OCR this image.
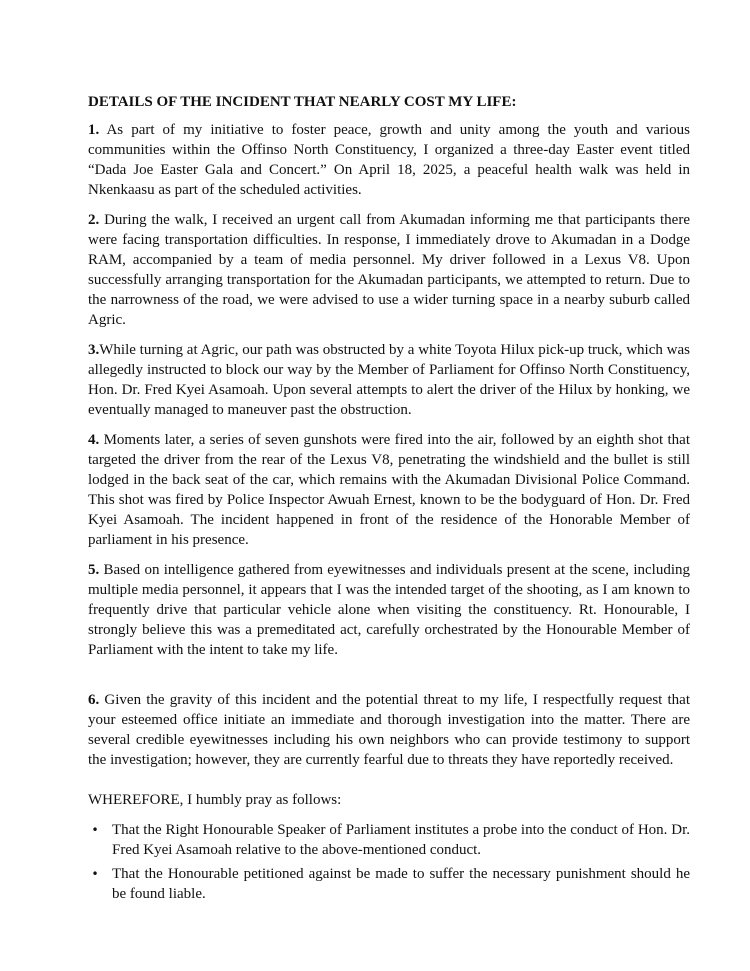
DETAILS OF THE INCIDENT THAT NEARLY COST MY LIFE:

1. As part of my initiative to foster peace, growth and unity among the youth and various communities within the Offinso North Constituency, I organized a three-day Easter event titled “Dada Joe Easter Gala and Concert.” On April 18, 2025, a peaceful health walk was held in Nkenkaasu as part of the scheduled activities.

2. During the walk, I received an urgent call from Akumadan informing me that participants there were facing transportation difficulties. In response, I immediately drove to Akumadan in a Dodge RAM, accompanied by a team of media personnel. My driver followed in a Lexus V8. Upon successfully arranging transportation for the Akumadan participants, we attempted to return. Due to the narrowness of the road, we were advised to use a wider turning space in a nearby suburb called Agric.

3.While turning at Agric, our path was obstructed by a white Toyota Hilux pick-up truck, which was allegedly instructed to block our way by the Member of Parliament for Offinso North Constituency, Hon. Dr. Fred Kyei Asamoah. Upon several attempts to alert the driver of the Hilux by honking, we eventually managed to maneuver past the obstruction.

4. Moments later, a series of seven gunshots were fired into the air, followed by an eighth shot that targeted the driver from the rear of the Lexus V8, penetrating the windshield and the bullet is still lodged in the back seat of the car, which remains with the Akumadan Divisional Police Command. This shot was fired by Police Inspector Awuah Ernest, known to be the bodyguard of Hon. Dr. Fred Kyei Asamoah. The incident happened in front of the residence of the Honorable Member of parliament in his presence.

5. Based on intelligence gathered from eyewitnesses and individuals present at the scene, including multiple media personnel, it appears that I was the intended target of the shooting, as I am known to frequently drive that particular vehicle alone when visiting the constituency. Rt. Honourable, I strongly believe this was a premeditated act, carefully orchestrated by the Honourable Member of Parliament with the intent to take my life.

6. Given the gravity of this incident and the potential threat to my life, I respectfully request that your esteemed office initiate an immediate and thorough investigation into the matter. There are several credible eyewitnesses including his own neighbors who can provide testimony to support the investigation; however, they are currently fearful due to threats they have reportedly received.

WHEREFORE, I humbly pray as follows:

• That the Right Honourable Speaker of Parliament institutes a probe into the conduct of Hon. Dr. Fred Kyei Asamoah relative to the above-mentioned conduct.
• That the Honourable petitioned against be made to suffer the necessary punishment should he be found liable.
